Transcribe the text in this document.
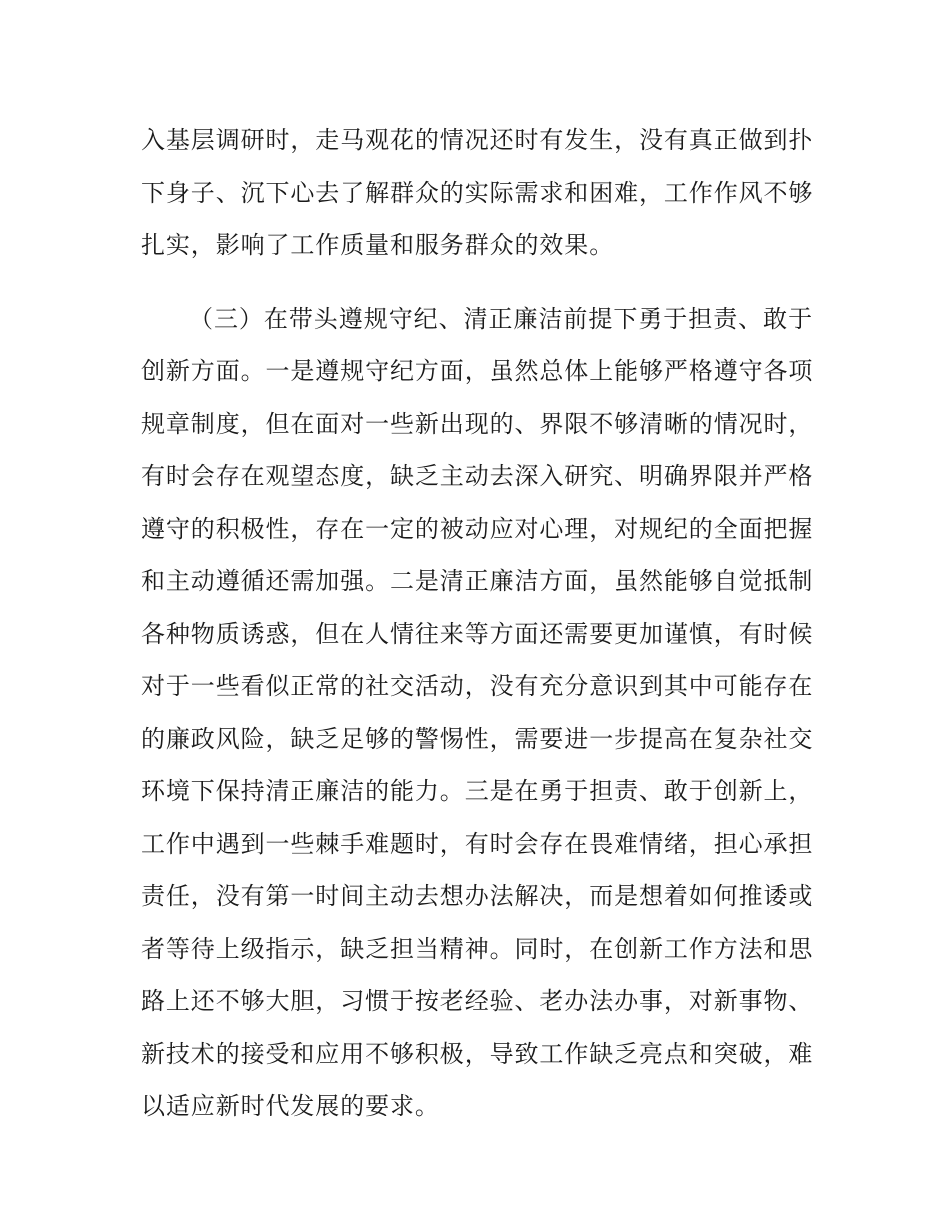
入基层调研时，走马观花的情况还时有发生，没有真正做到扑
下身子、沉下心去了解群众的实际需求和困难，工作作风不够
扎实，影响了工作质量和服务群众的效果。
（三）在带头遵规守纪、清正廉洁前提下勇于担责、敢于
创新方面。一是遵规守纪方面，虽然总体上能够严格遵守各项
规章制度，但在面对一些新出现的、界限不够清晰的情况时，
有时会存在观望态度，缺乏主动去深入研究、明确界限并严格
遵守的积极性，存在一定的被动应对心理，对规纪的全面把握
和主动遵循还需加强。二是清正廉洁方面，虽然能够自觉抵制
各种物质诱惑，但在人情往来等方面还需要更加谨慎，有时候
对于一些看似正常的社交活动，没有充分意识到其中可能存在
的廉政风险，缺乏足够的警惕性，需要进一步提高在复杂社交
环境下保持清正廉洁的能力。三是在勇于担责、敢于创新上，
工作中遇到一些棘手难题时，有时会存在畏难情绪，担心承担
责任，没有第一时间主动去想办法解决，而是想着如何推诿或
者等待上级指示，缺乏担当精神。同时，在创新工作方法和思
路上还不够大胆，习惯于按老经验、老办法办事，对新事物、
新技术的接受和应用不够积极，导致工作缺乏亮点和突破，难
以适应新时代发展的要求。
